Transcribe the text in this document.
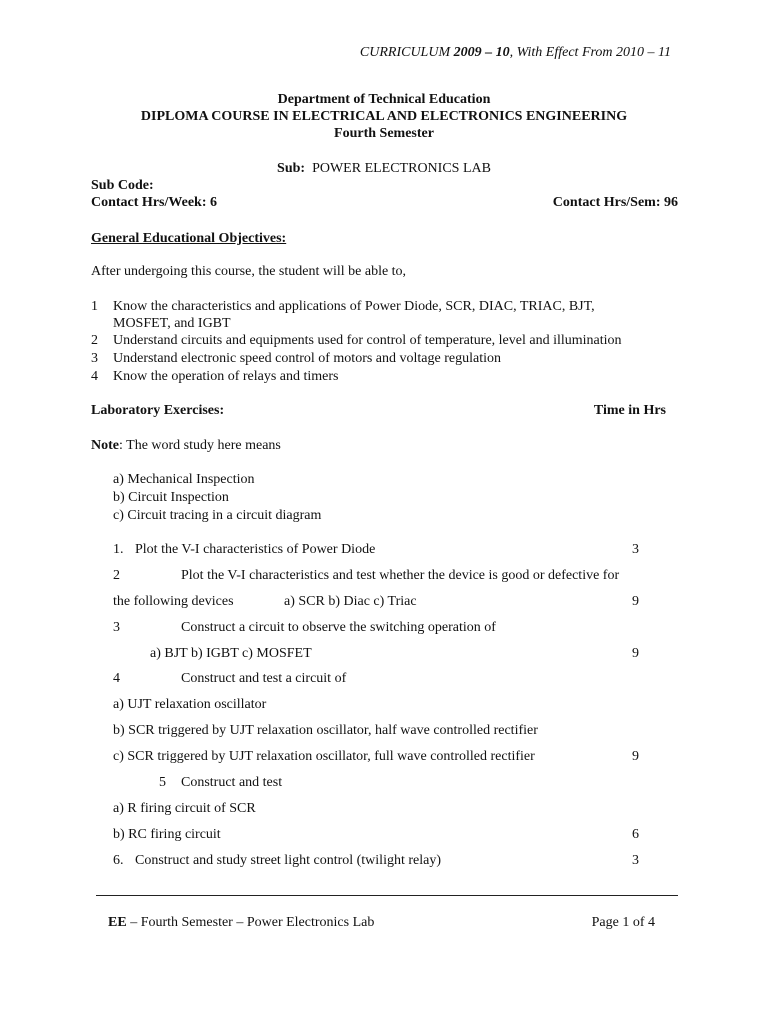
CURRICULUM 2009 – 10, With Effect From 2010 – 11
Department of Technical Education
DIPLOMA COURSE IN ELECTRICAL AND ELECTRONICS ENGINEERING
Fourth Semester
Sub: POWER ELECTRONICS LAB
Sub Code:
Contact Hrs/Week: 6	Contact Hrs/Sem: 96
General Educational Objectives:
After undergoing this course, the student will be able to,
1 Know the characteristics and applications of Power Diode, SCR, DIAC, TRIAC, BJT,
MOSFET, and IGBT
2 Understand circuits and equipments used for control of temperature, level and illumination
3 Understand electronic speed control of motors and voltage regulation
4 Know the operation of relays and timers
Laboratory Exercises:	Time in Hrs
Note: The word study here means
a) Mechanical Inspection
b) Circuit Inspection
c) Circuit tracing in a circuit diagram
1. Plot the V-I characteristics of Power Diode	3
2	Plot the V-I characteristics and test whether the device is good or defective for
the following devices	a) SCR b) Diac c) Triac	9
3	Construct a circuit to observe the switching operation of
a) BJT b) IGBT c) MOSFET	9
4	Construct and test a circuit of
a) UJT relaxation oscillator
b) SCR triggered by UJT relaxation oscillator, half wave controlled rectifier
c) SCR triggered by UJT relaxation oscillator, full wave controlled rectifier	9
5 Construct and test
a) R firing circuit of SCR
b) RC firing circuit	6
6. Construct and study street light control (twilight relay)	3
EE – Fourth Semester – Power Electronics Lab	Page 1 of 4
